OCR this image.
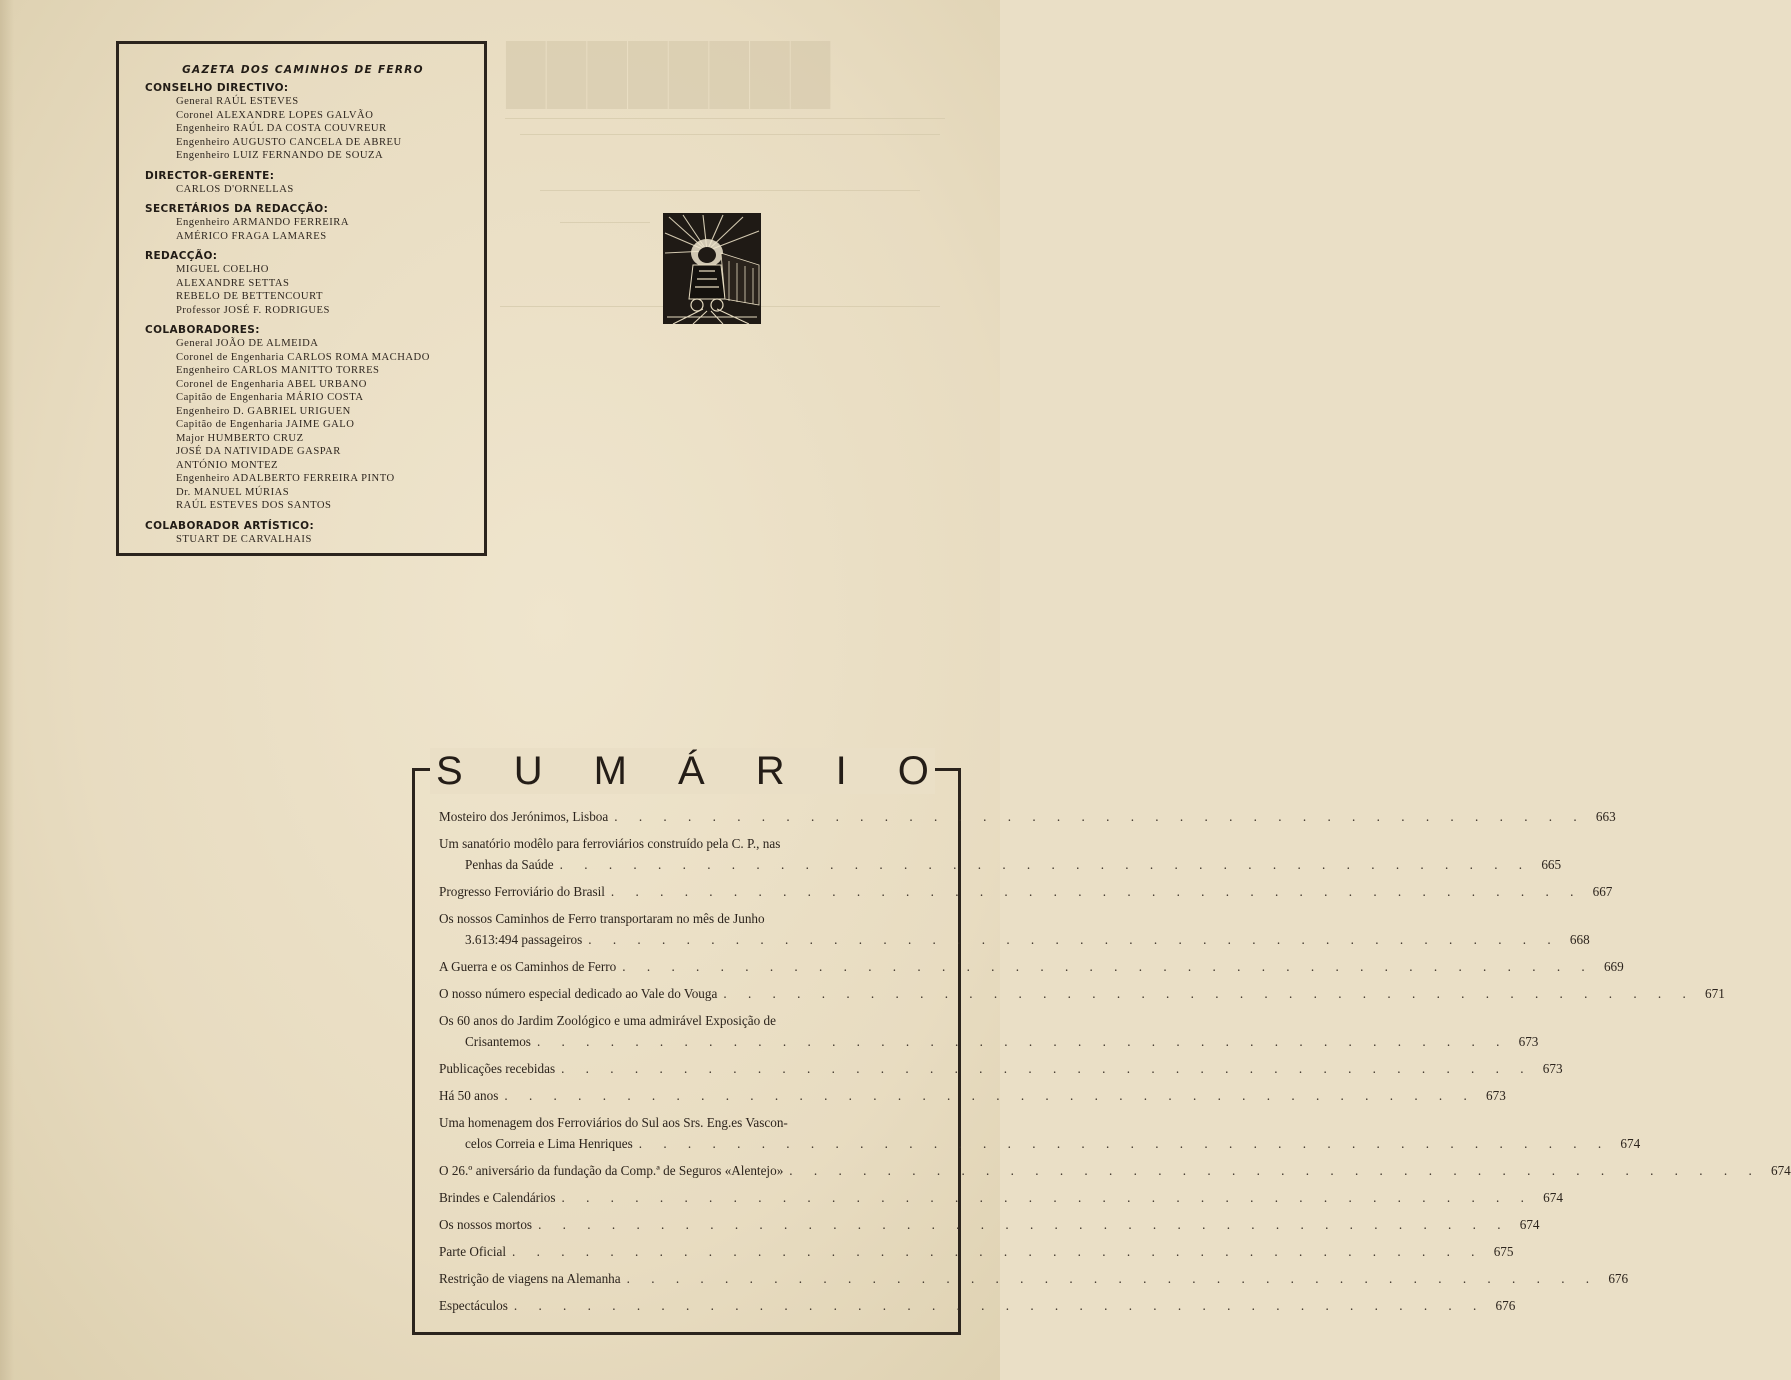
████████
GAZETA DOS CAMINHOS DE FERRO
CONSELHO DIRECTIVO:
General RAÚL ESTEVES
Coronel ALEXANDRE LOPES GALVÃO
Engenheiro RAÚL DA COSTA COUVREUR
Engenheiro AUGUSTO CANCELA DE ABREU
Engenheiro LUIZ FERNANDO DE SOUZA
DIRECTOR-GERENTE:
CARLOS D'ORNELLAS
SECRETÁRIOS DA REDACÇÃO:
Engenheiro ARMANDO FERREIRA
AMÉRICO FRAGA LAMARES
REDACÇÃO:
MIGUEL COELHO
ALEXANDRE SETTAS
REBELO DE BETTENCOURT
Professor JOSÉ F. RODRIGUES
COLABORADORES:
General JOÃO DE ALMEIDA
Coronel de Engenharia CARLOS ROMA MACHADO
Engenheiro CARLOS MANITTO TORRES
Coronel de Engenharia ABEL URBANO
Capitão de Engenharia MÁRIO COSTA
Engenheiro D. GABRIEL URIGUEN
Capitão de Engenharia JAIME GALO
Major HUMBERTO CRUZ
JOSÉ DA NATIVIDADE GASPAR
ANTÓNIO MONTEZ
Engenheiro ADALBERTO FERREIRA PINTO
Dr. MANUEL MÚRIAS
RAÚL ESTEVES DOS SANTOS
COLABORADOR ARTÍSTICO:
STUART DE CARVALHAIS
S U M Á R I O
Mosteiro dos Jerónimos, Lisboa . . . . . . . . . . . . . . . . . . . . . . . . . . . . . . . . . . . . . . . . 663
Um sanatório modêlo para ferroviários construído pela C. P., nas
Penhas da Saúde . . . . . . . . . . . . . . . . . . . . . . . . . . . . . . . . . . . . . . . . 665
Progresso Ferroviário do Brasil . . . . . . . . . . . . . . . . . . . . . . . . . . . . . . . . . . . . . . . . 667
Os nossos Caminhos de Ferro transportaram no mês de Junho
3.613:494 passageiros . . . . . . . . . . . . . . . . . . . . . . . . . . . . . . . . . . . . . . . . 668
A Guerra e os Caminhos de Ferro . . . . . . . . . . . . . . . . . . . . . . . . . . . . . . . . . . . . . . . . 669
O nosso número especial dedicado ao Vale do Vouga . . . . . . . . . . . . . . . . . . . . . . . . . . . . . . . . . . . . . . . . 671
Os 60 anos do Jardim Zoológico e uma admirável Exposição de
Crisantemos . . . . . . . . . . . . . . . . . . . . . . . . . . . . . . . . . . . . . . . . 673
Publicações recebidas . . . . . . . . . . . . . . . . . . . . . . . . . . . . . . . . . . . . . . . . 673
Há 50 anos . . . . . . . . . . . . . . . . . . . . . . . . . . . . . . . . . . . . . . . . 673
Uma homenagem dos Ferroviários do Sul aos Srs. Eng.es Vascon-
celos Correia e Lima Henriques . . . . . . . . . . . . . . . . . . . . . . . . . . . . . . . . . . . . . . . . 674
O 26.º aniversário da fundação da Comp.ª de Seguros «Alentejo» . . . . . . . . . . . . . . . . . . . . . . . . . . . . . . . . . . . . . . . . 674
Brindes e Calendários . . . . . . . . . . . . . . . . . . . . . . . . . . . . . . . . . . . . . . . . 674
Os nossos mortos . . . . . . . . . . . . . . . . . . . . . . . . . . . . . . . . . . . . . . . . 674
Parte Oficial . . . . . . . . . . . . . . . . . . . . . . . . . . . . . . . . . . . . . . . . 675
Restrição de viagens na Alemanha . . . . . . . . . . . . . . . . . . . . . . . . . . . . . . . . . . . . . . . . 676
Espectáculos . . . . . . . . . . . . . . . . . . . . . . . . . . . . . . . . . . . . . . . . 676
